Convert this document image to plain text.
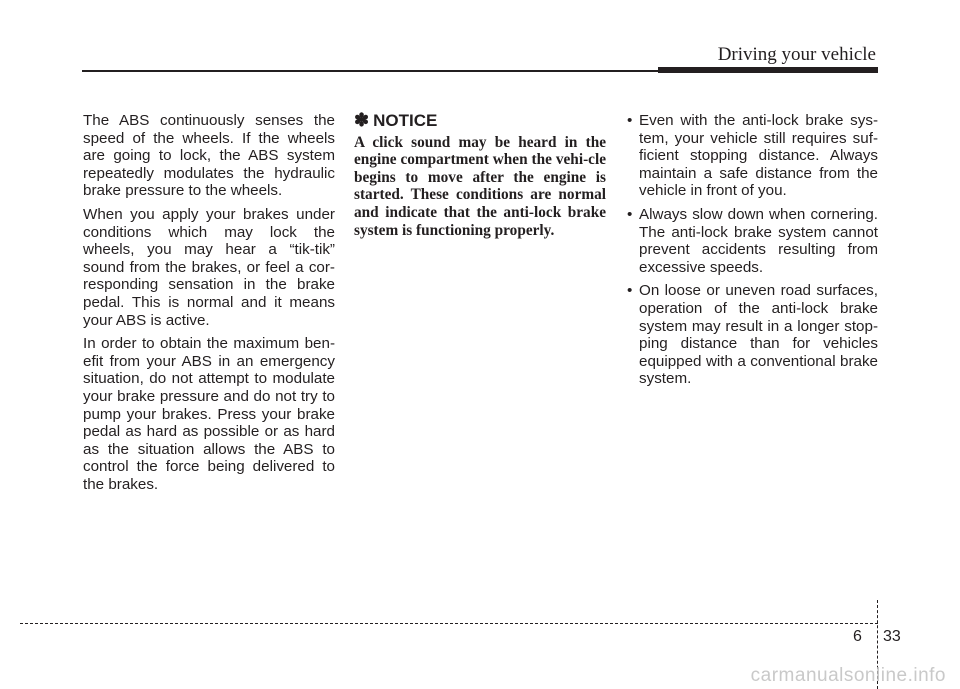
Driving your vehicle

The ABS continuously senses the speed of the wheels. If the wheels are going to lock, the ABS system repeatedly modulates the hydraulic brake pressure to the wheels.

When you apply your brakes under conditions which may lock the wheels, you may hear a “tik-tik” sound from the brakes, or feel a cor-responding sensation in the brake pedal. This is normal and it means your ABS is active.

In order to obtain the maximum ben-efit from your ABS in an emergency situation, do not attempt to modulate your brake pressure and do not try to pump your brakes. Press your brake pedal as hard as possible or as hard as the situation allows the ABS to control the force being delivered to the brakes.

✽ NOTICE

A click sound may be heard in the engine compartment when the vehi-cle begins to move after the engine is started. These conditions are normal and indicate that the anti-lock brake system is functioning properly.

• Even with the anti-lock brake sys-tem, your vehicle still requires suf-ficient stopping distance. Always maintain a safe distance from the vehicle in front of you.
• Always slow down when cornering. The anti-lock brake system cannot prevent accidents resulting from excessive speeds.
• On loose or uneven road surfaces, operation of the anti-lock brake system may result in a longer stop-ping distance than for vehicles equipped with a conventional brake system.
6 33
carmanualsonline.info
